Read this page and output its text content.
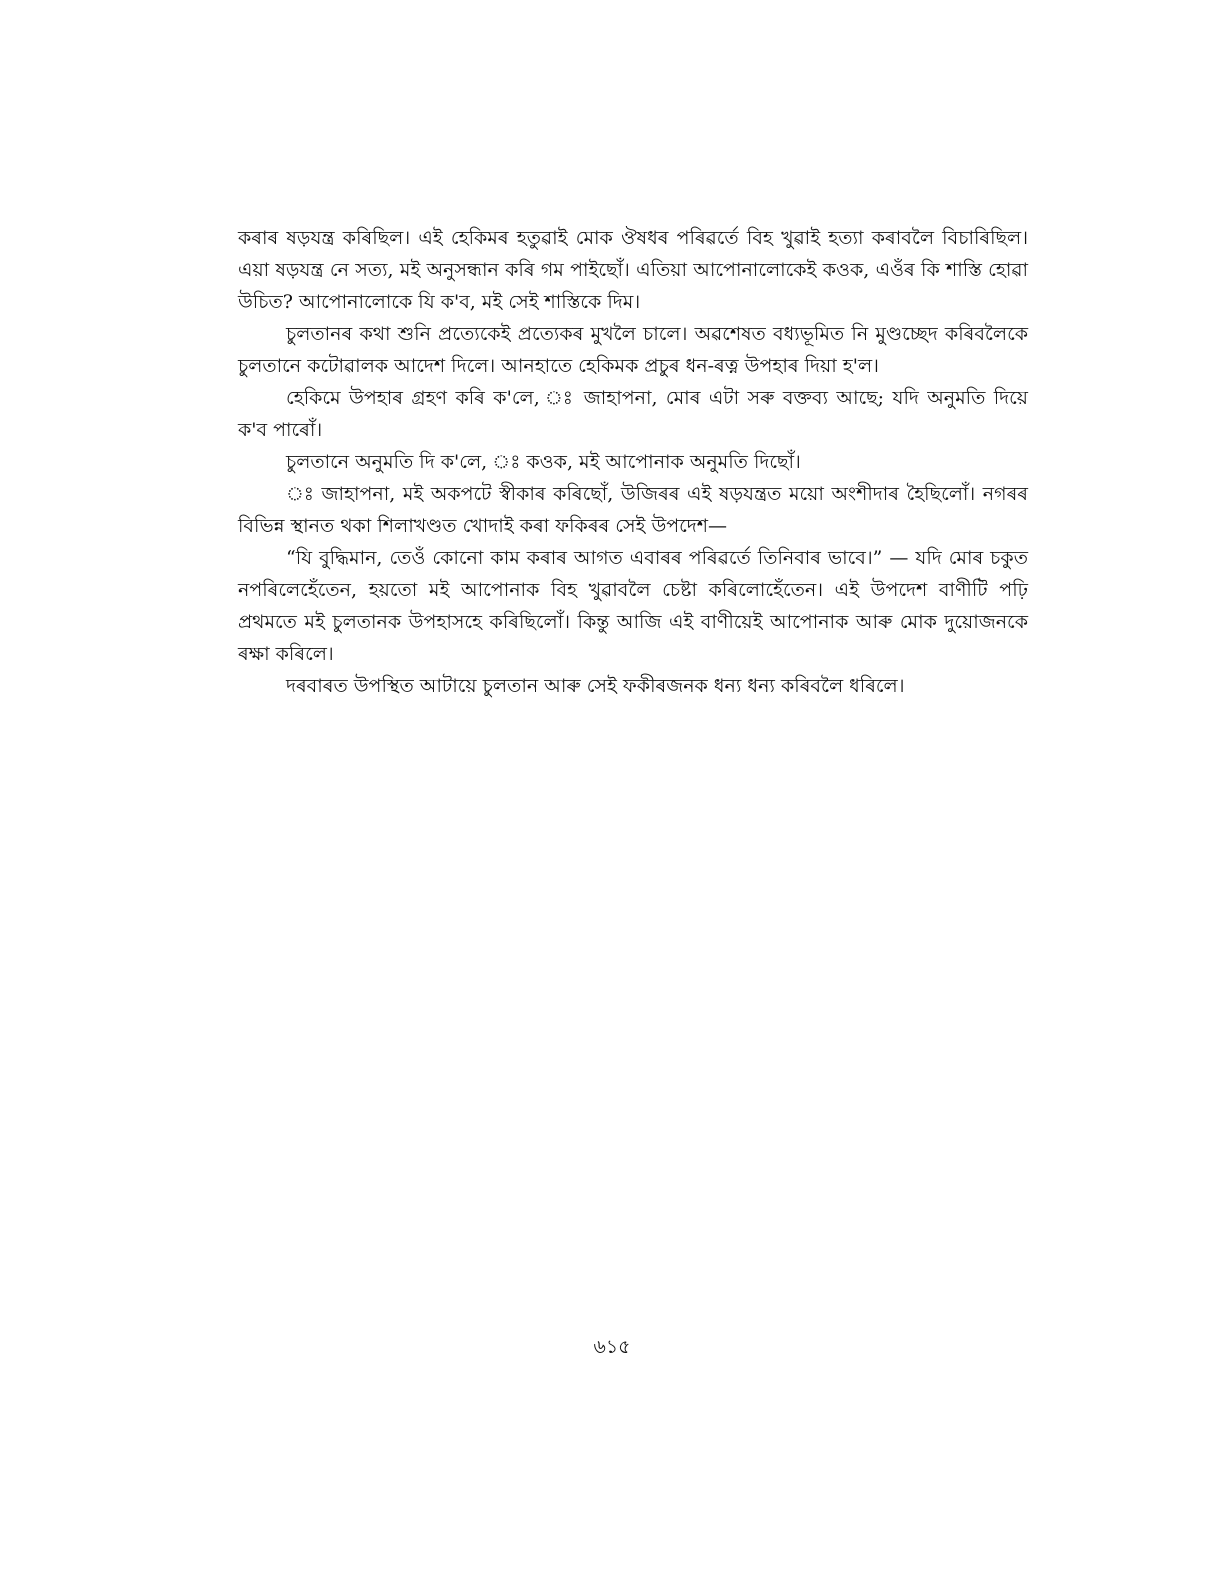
কৰাৰ ষড়যন্ত্ৰ কৰিছিল। এই হেকিমৰ হতুৱাই মোক ঔষধৰ পৰিৱৰ্তে বিহ খুৱাই হত্যা কৰাবলৈ বিচাৰিছিল। এয়া ষড়যন্ত্ৰ নে সত্য, মই অনুসন্ধান কৰি গম পাইছোঁ। এতিয়া আপোনালোকেই কওক, এওঁৰ কি শাস্তি হোৱা উচিত? আপোনালোকে যি ক'ব, মই সেই শাস্তিকে দিম।

চুলতানৰ কথা শুনি প্ৰত্যেকেই প্ৰত্যেকৰ মুখলৈ চালে। অৱশেষত বধ্যভূমিত নি মুণ্ডচ্ছেদ কৰিবলৈকে চুলতানে কটোৱালক আদেশ দিলে। আনহাতে হেকিমক প্ৰচুৰ ধন-ৰত্ন উপহাৰ দিয়া হ'ল।

হেকিমে উপহাৰ গ্ৰহণ কৰি ক'লে, ঃ জাহাপনা, মোৰ এটা সৰু বক্তব্য আছে; যদি অনুমতি দিয়ে ক'ব পাৰোঁ।

চুলতানে অনুমতি দি ক'লে, ঃ কওক, মই আপোনাক অনুমতি দিছোঁ।

ঃ জাহাপনা, মই অকপটে স্বীকাৰ কৰিছোঁ, উজিৰৰ এই ষড়যন্ত্ৰত ময়ো অংশীদাৰ হৈছিলোঁ। নগৰৰ বিভিন্ন স্থানত থকা শিলাখণ্ডত খোদাই কৰা ফকিৰৰ সেই উপদেশ—

“যি বুদ্ধিমান, তেওঁ কোনো কাম কৰাৰ আগত এবাৰৰ পৰিৱৰ্তে তিনিবাৰ ভাবে।” — যদি মোৰ চকুত নপৰিলেহেঁতেন, হয়তো মই আপোনাক বিহ খুৱাবলৈ চেষ্টা কৰিলোহেঁতেন। এই উপদেশ বাণীটি পঢ়ি প্ৰথমতে মই চুলতানক উপহাসহে কৰিছিলোঁ। কিন্তু আজি এই বাণীয়েই আপোনাক আৰু মোক দুয়োজনকে ৰক্ষা কৰিলে।

দৰবাৰত উপস্থিত আটায়ে চুলতান আৰু সেই ফকীৰজনক ধন্য ধন্য কৰিবলৈ ধৰিলে।

৬১৫
